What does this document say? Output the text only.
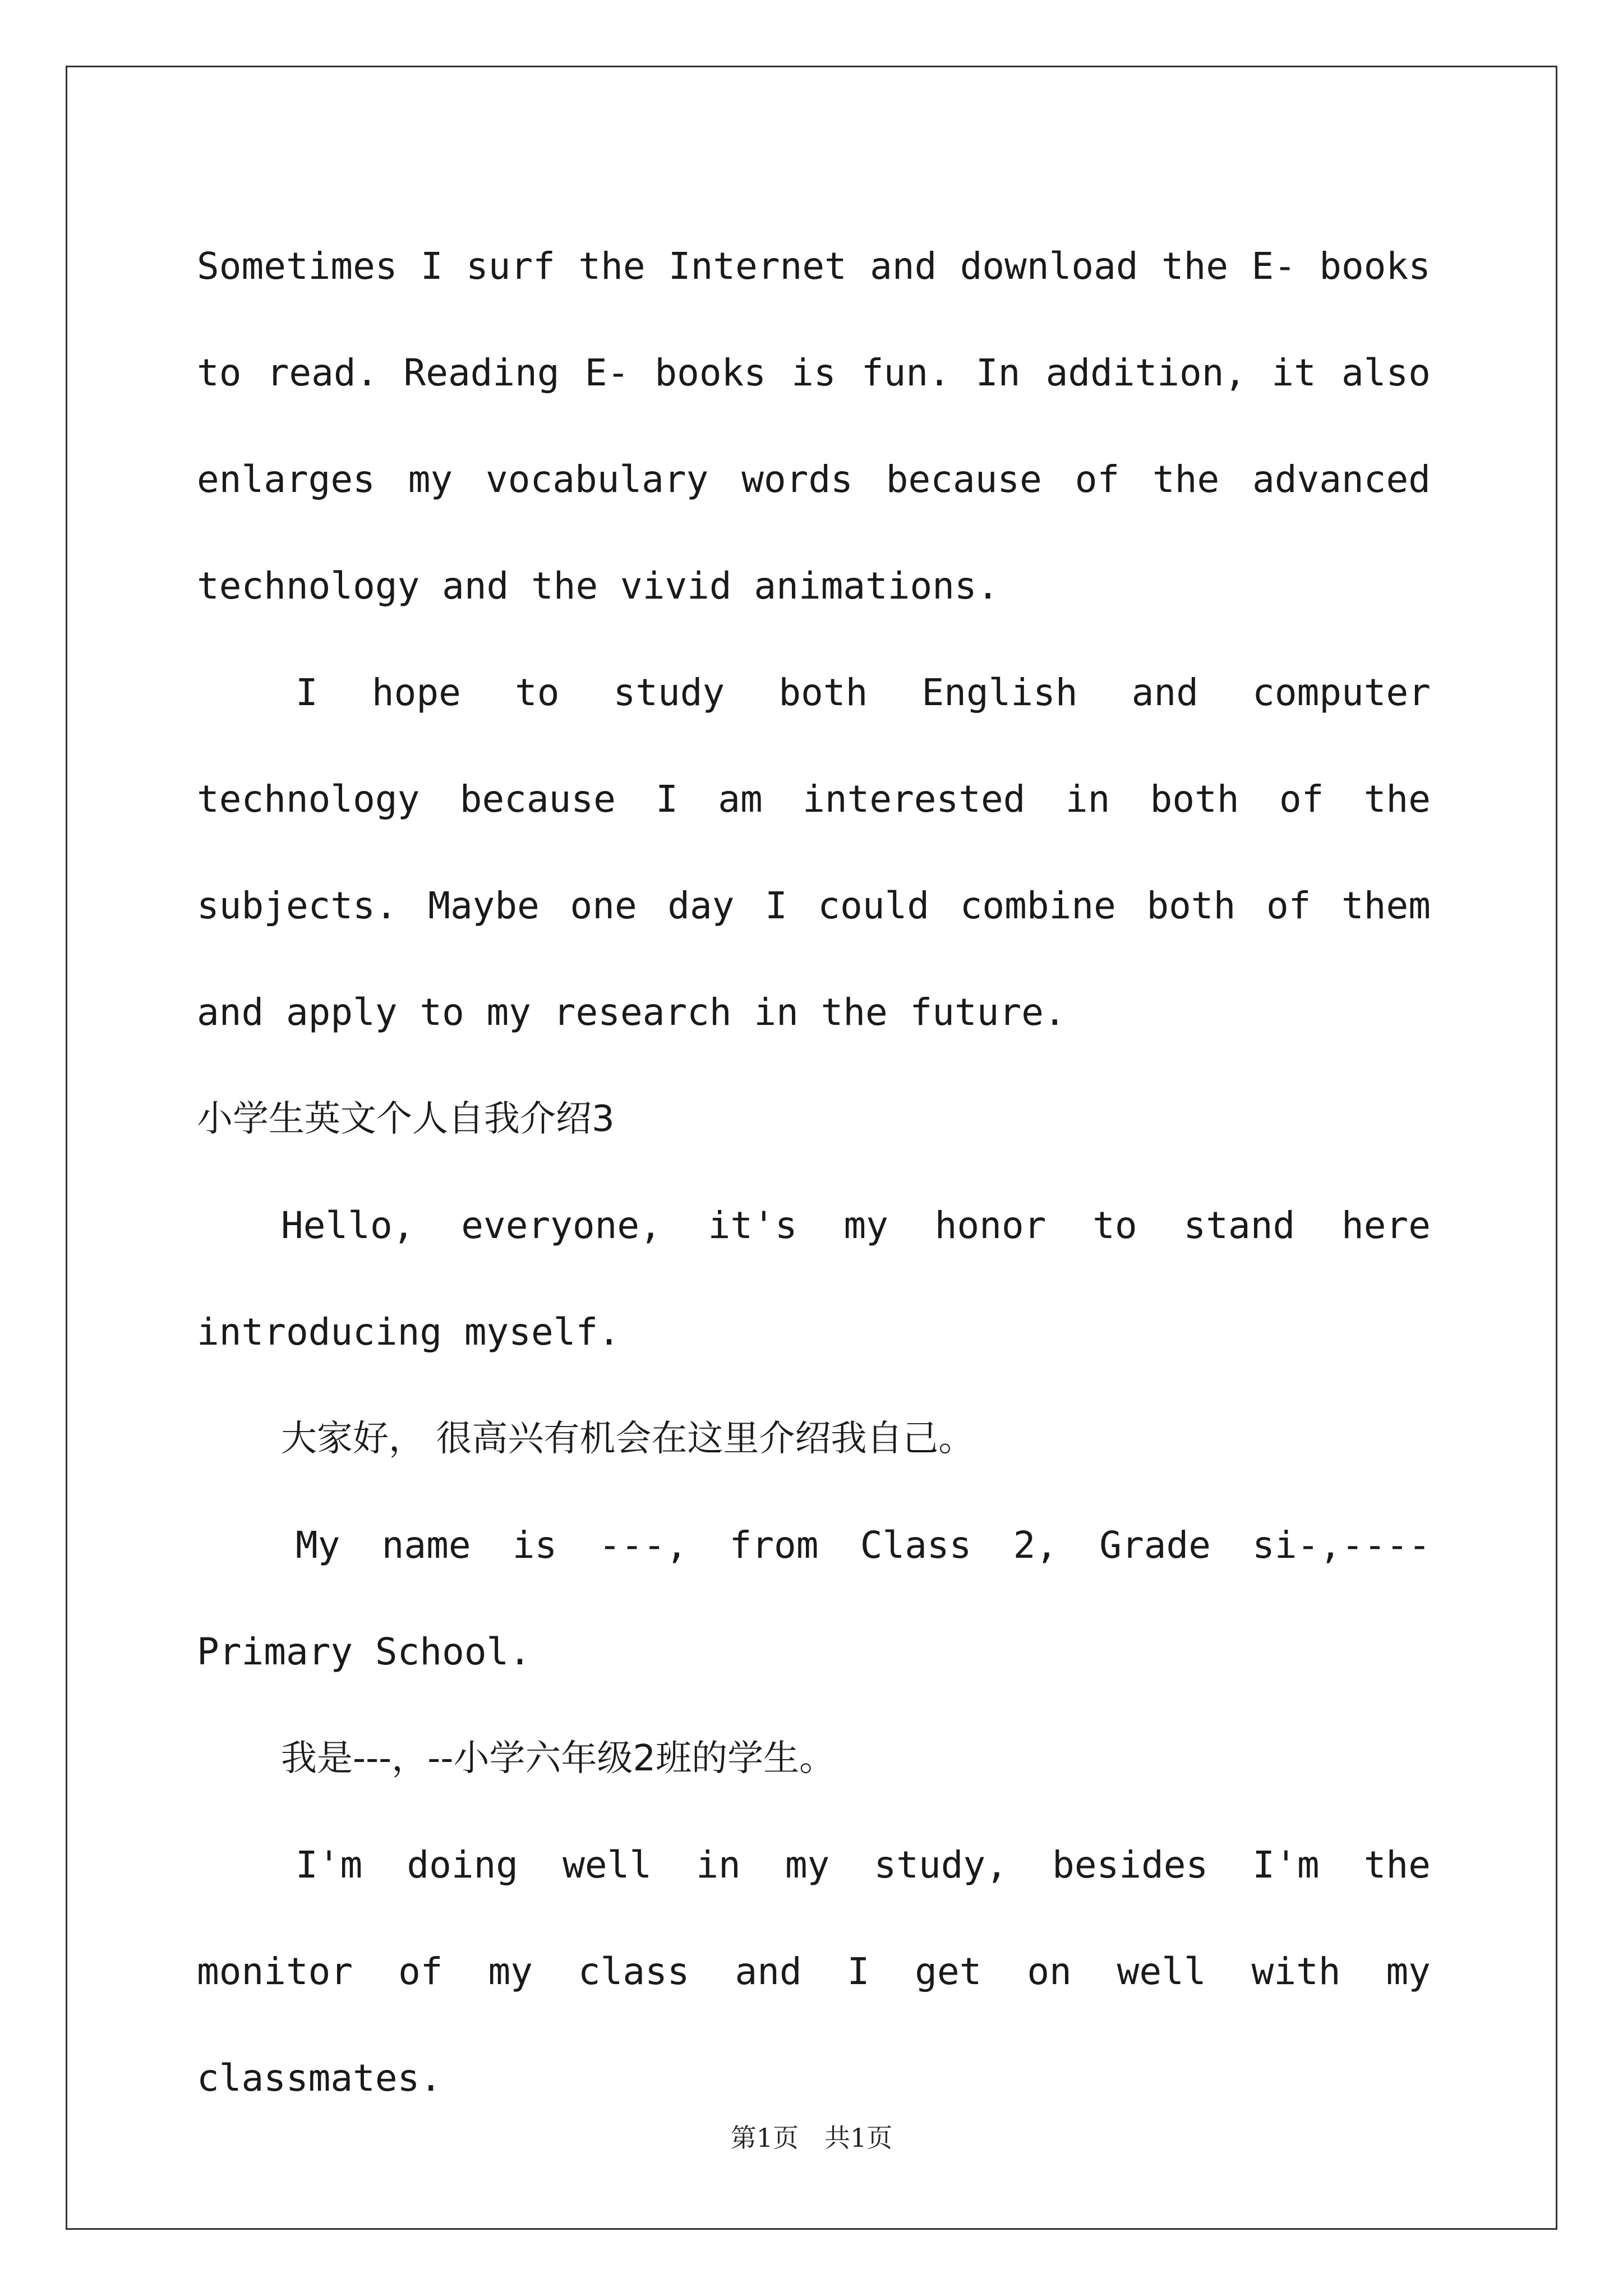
Sometimes I surf the Internet and download the E- books to read. Reading E- books is fun. In addition, it also enlarges my vocabulary words because of the advanced technology and the vivid animations.

I hope to study both English and computer technology because I am interested in both of the subjects. Maybe one day I could combine both of them and apply to my research in the future.

小学生英文个人自我介绍3

Hello, everyone, it's my honor to stand here introducing myself.

大家好， 很高兴有机会在这里介绍我自己。

My name is ---, from Class 2, Grade si-,---- Primary School.

我是---，--小学六年级2班的学生。

I'm doing well in my study, besides I'm the monitor of my class and I get on well with my classmates.

第1页　共1页
